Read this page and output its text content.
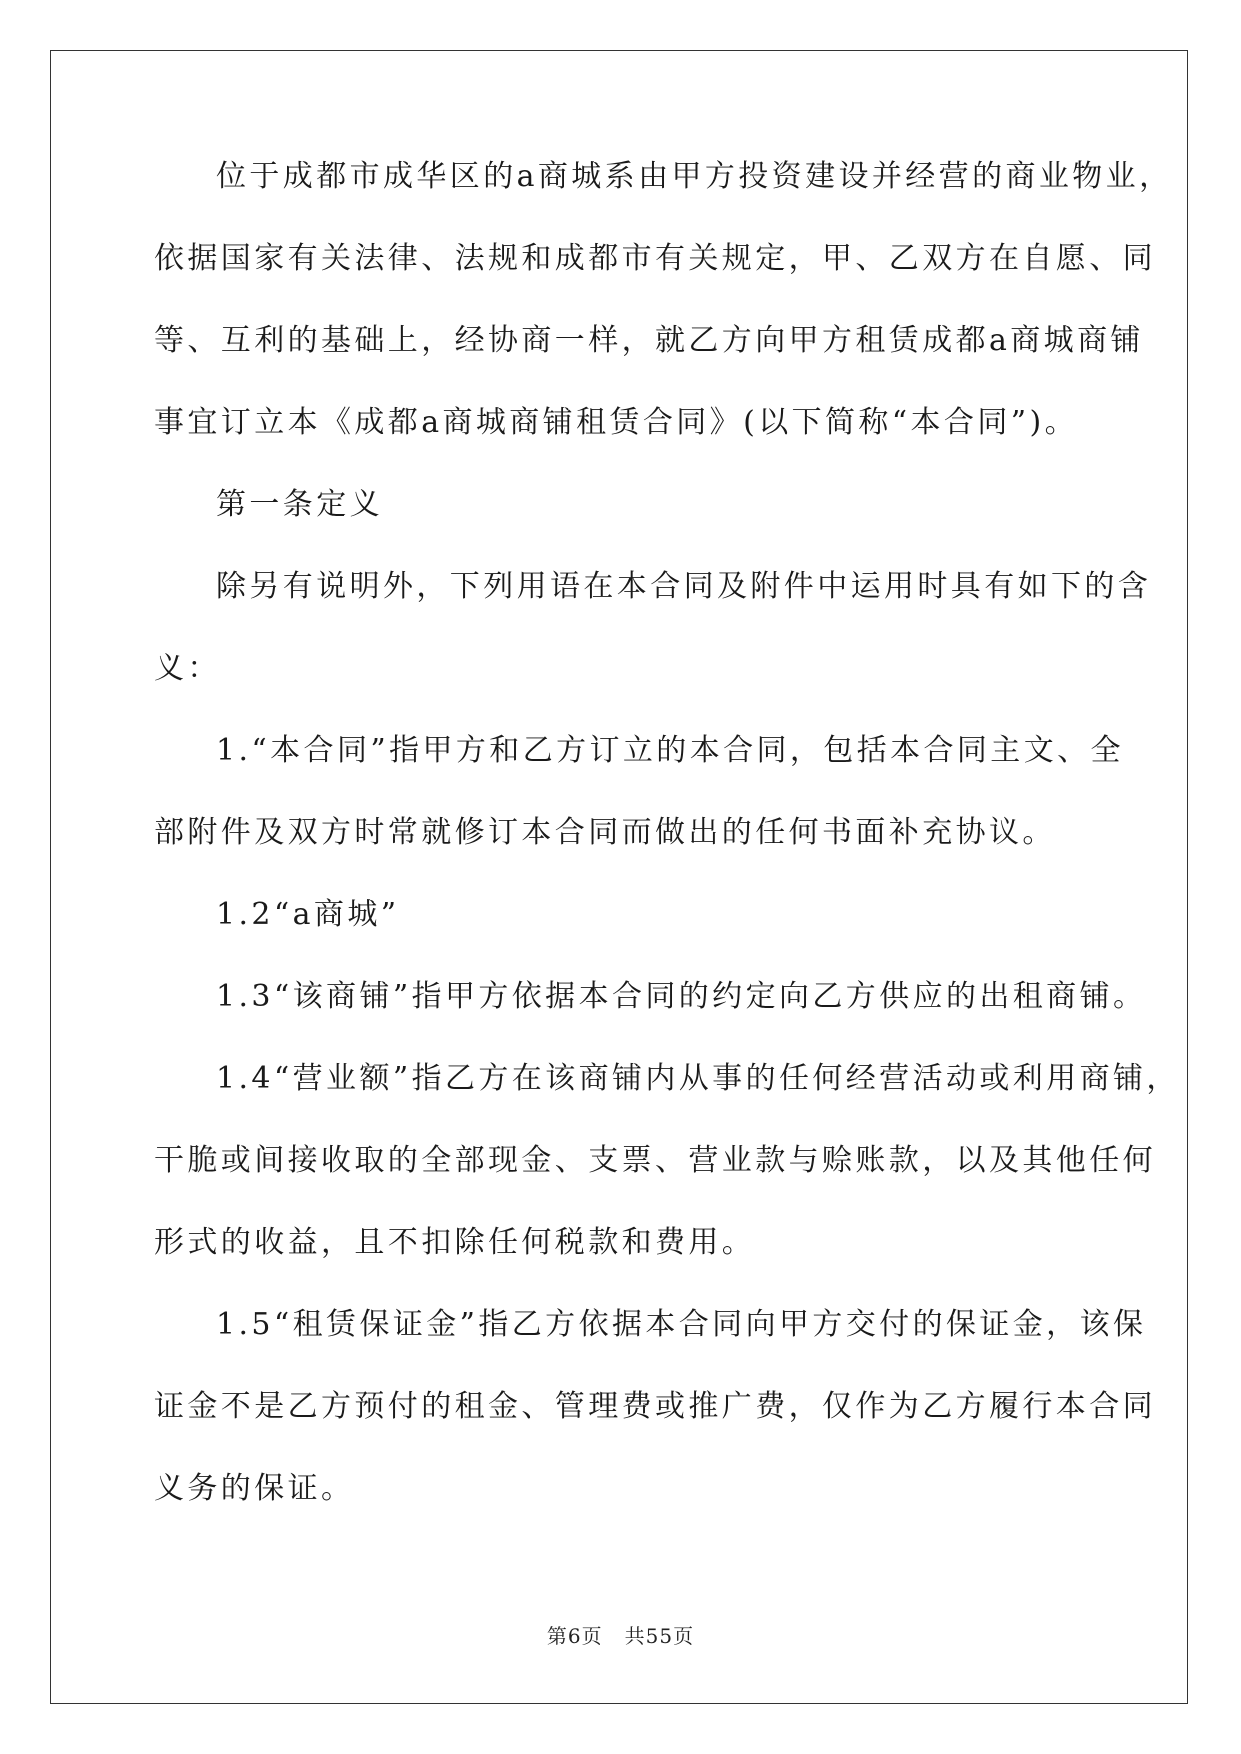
位于成都市成华区的a商城系由甲方投资建设并经营的商业物业，
依据国家有关法律、法规和成都市有关规定，甲、乙双方在自愿、同
等、互利的基础上，经协商一样，就乙方向甲方租赁成都a商城商铺
事宜订立本《成都a商城商铺租赁合同》(以下简称“本合同”)。
第一条定义
除另有说明外，下列用语在本合同及附件中运用时具有如下的含
义：
1.“本合同”指甲方和乙方订立的本合同，包括本合同主文、全
部附件及双方时常就修订本合同而做出的任何书面补充协议。
1.2“a商城”
1.3“该商铺”指甲方依据本合同的约定向乙方供应的出租商铺。
1.4“营业额”指乙方在该商铺内从事的任何经营活动或利用商铺，
干脆或间接收取的全部现金、支票、营业款与赊账款，以及其他任何
形式的收益，且不扣除任何税款和费用。
1.5“租赁保证金”指乙方依据本合同向甲方交付的保证金，该保
证金不是乙方预付的租金、管理费或推广费，仅作为乙方履行本合同
义务的保证。
第6页 共55页
